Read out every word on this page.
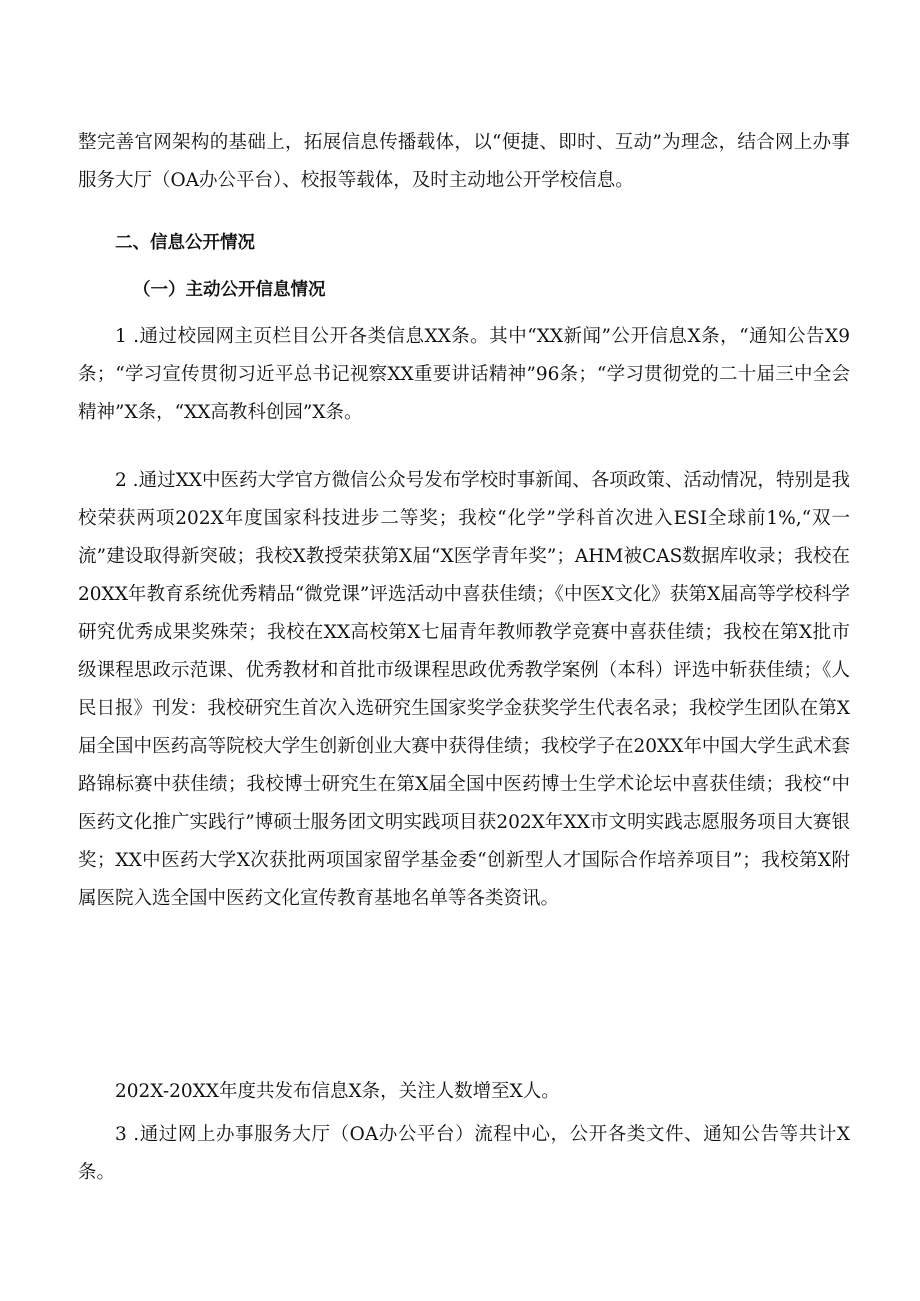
整完善官网架构的基础上，拓展信息传播载体，以“便捷、即时、互动”为理念，结合网上办事服务大厅（OA办公平台）、校报等载体，及时主动地公开学校信息。

二、信息公开情况

（一）主动公开信息情况

1 .通过校园网主页栏目公开各类信息XX条。其中“XX新闻”公开信息X条，“通知公告X9条；“学习宣传贯彻习近平总书记视察XX重要讲话精神”96条；“学习贯彻党的二十届三中全会精神”X条，“XX高教科创园”X条。

2 .通过XX中医药大学官方微信公众号发布学校时事新闻、各项政策、活动情况，特别是我校荣获两项202X年度国家科技进步二等奖；我校“化学”学科首次进入ESI全球前1%,“双一流”建设取得新突破；我校X教授荣获第X届“X医学青年奖”；AHM被CAS数据库收录；我校在20XX年教育系统优秀精品“微党课”评选活动中喜获佳绩；《中医X文化》获第X届高等学校科学研究优秀成果奖殊荣；我校在XX高校第X七届青年教师教学竞赛中喜获佳绩；我校在第X批市级课程思政示范课、优秀教材和首批市级课程思政优秀教学案例（本科）评选中斩获佳绩；《人民日报》刊发：我校研究生首次入选研究生国家奖学金获奖学生代表名录；我校学生团队在第X届全国中医药高等院校大学生创新创业大赛中获得佳绩；我校学子在20XX年中国大学生武术套路锦标赛中获佳绩；我校博士研究生在第X届全国中医药博士生学术论坛中喜获佳绩；我校“中医药文化推广实践行”博硕士服务团文明实践项目获202X年XX市文明实践志愿服务项目大赛银奖；XX中医药大学X次获批两项国家留学基金委“创新型人才国际合作培养项目”；我校第X附属医院入选全国中医药文化宣传教育基地名单等各类资讯。

202X-20XX年度共发布信息X条，关注人数增至X人。

3 .通过网上办事服务大厅（OA办公平台）流程中心，公开各类文件、通知公告等共计X条。
